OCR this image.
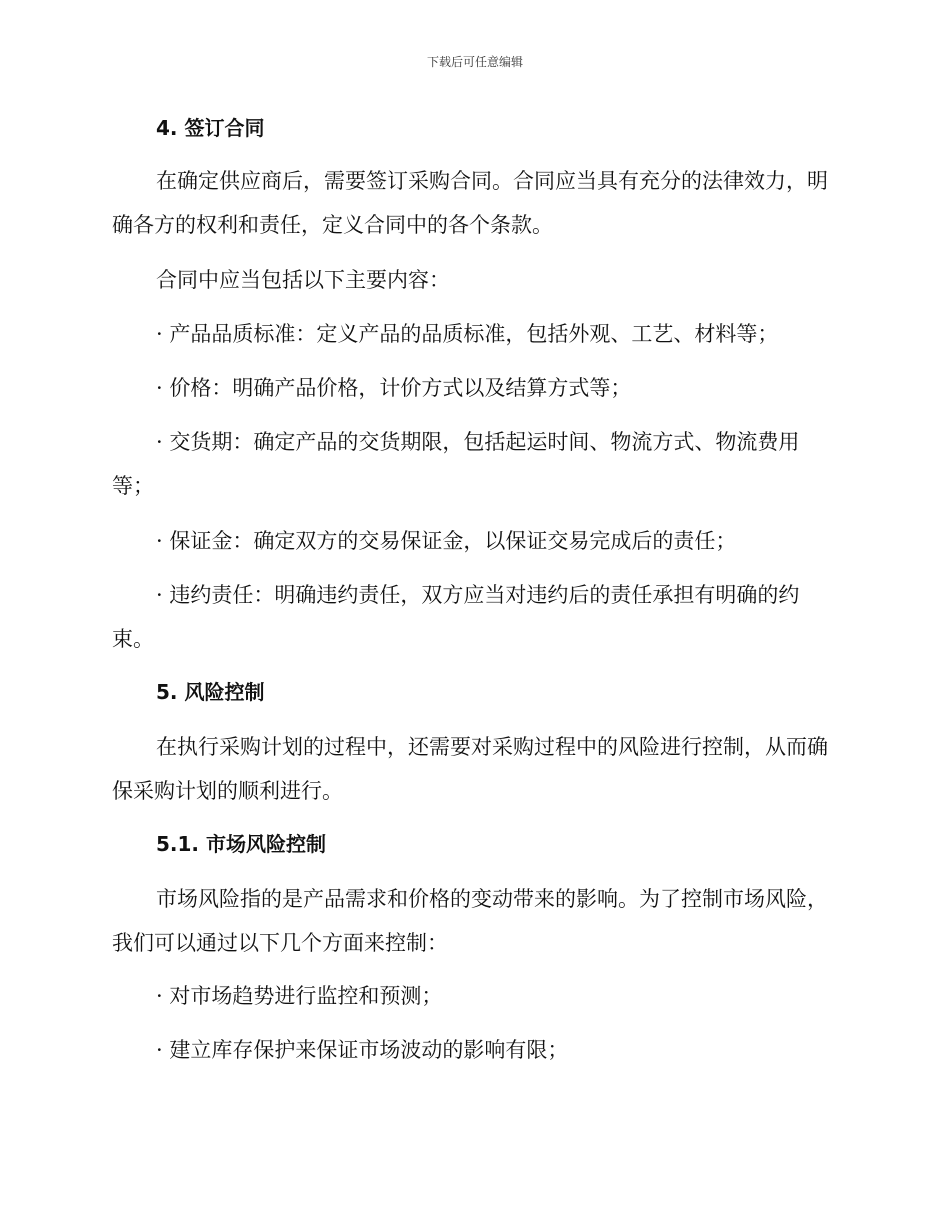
下载后可任意编辑
4. 签订合同

在确定供应商后，需要签订采购合同。合同应当具有充分的法律效力，明确各方的权利和责任，定义合同中的各个条款。

合同中应当包括以下主要内容：

· 产品品质标准：定义产品的品质标准，包括外观、工艺、材料等；

· 价格：明确产品价格，计价方式以及结算方式等；

· 交货期：确定产品的交货期限，包括起运时间、物流方式、物流费用等；

· 保证金：确定双方的交易保证金，以保证交易完成后的责任；

· 违约责任：明确违约责任，双方应当对违约后的责任承担有明确的约束。

5. 风险控制

在执行采购计划的过程中，还需要对采购过程中的风险进行控制，从而确保采购计划的顺利进行。

5.1. 市场风险控制

市场风险指的是产品需求和价格的变动带来的影响。为了控制市场风险，我们可以通过以下几个方面来控制：

· 对市场趋势进行监控和预测；

· 建立库存保护来保证市场波动的影响有限；
